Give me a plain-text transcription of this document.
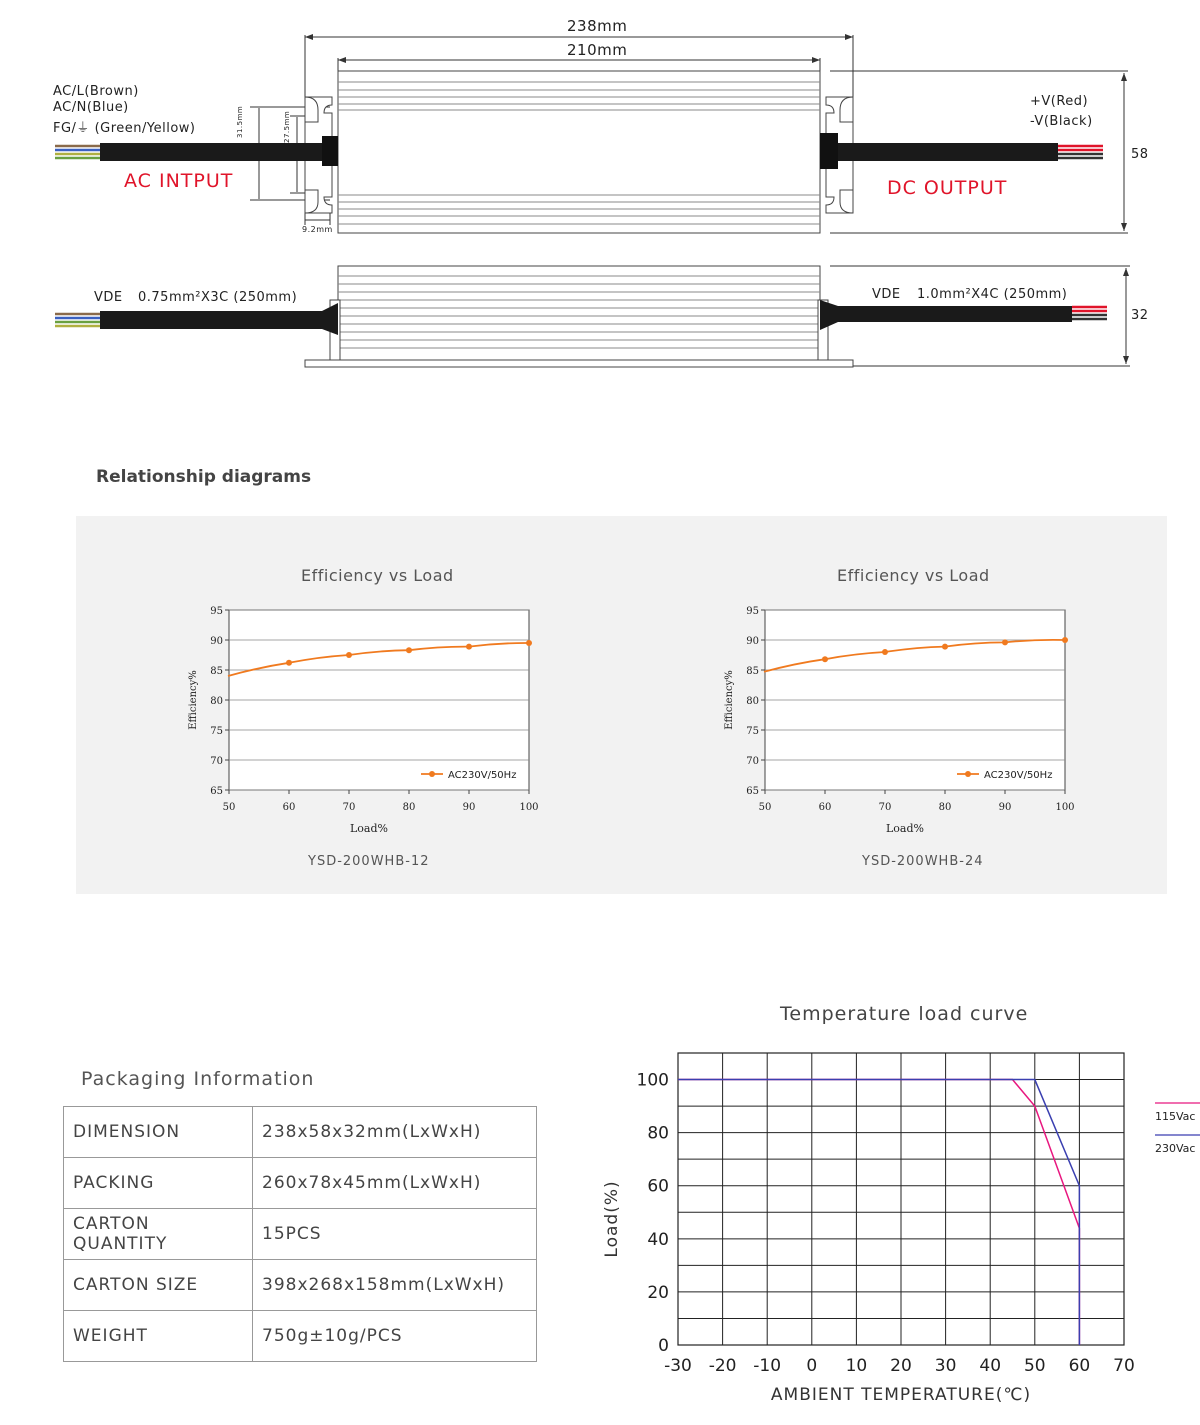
238mm
210mm
58
32
31.5mm	27.5mm
9.2mm
AC/L(Brown)
AC/N(Blue)
FG/⏚ (Green/Yellow)
+V(Red)
-V(Black)
AC INTPUT	DC OUTPUT
VDE 0.75mm²X3C (250mm)	VDE 1.0mm²X4C (250mm)
Relationship diagrams
Efficiency vs Load
95
90
85
80
75
70
65
50	60	70	80	90	100
Load%
Efficiency%
AC230V/50Hz
YSD-200WHB-12
Efficiency vs Load
95
90
85
80
75
70
65
50	60	70	80	90	100
Load%
Efficiency%
AC230V/50Hz
YSD-200WHB-24
Packaging Information
DIMENSION	238x58x32mm(LxWxH)
PACKING	260x78x45mm(LxWxH)
CARTON QUANTITY	15PCS
CARTON SIZE	398x268x158mm(LxWxH)
WEIGHT	750g±10g/PCS
Temperature load curve
-30 -20 -10 0 10 20 30 40 50 60 70
100
80
60
40
20
0
AMBIENT TEMPERATURE(℃)
Load(%)
115Vac
230Vac
